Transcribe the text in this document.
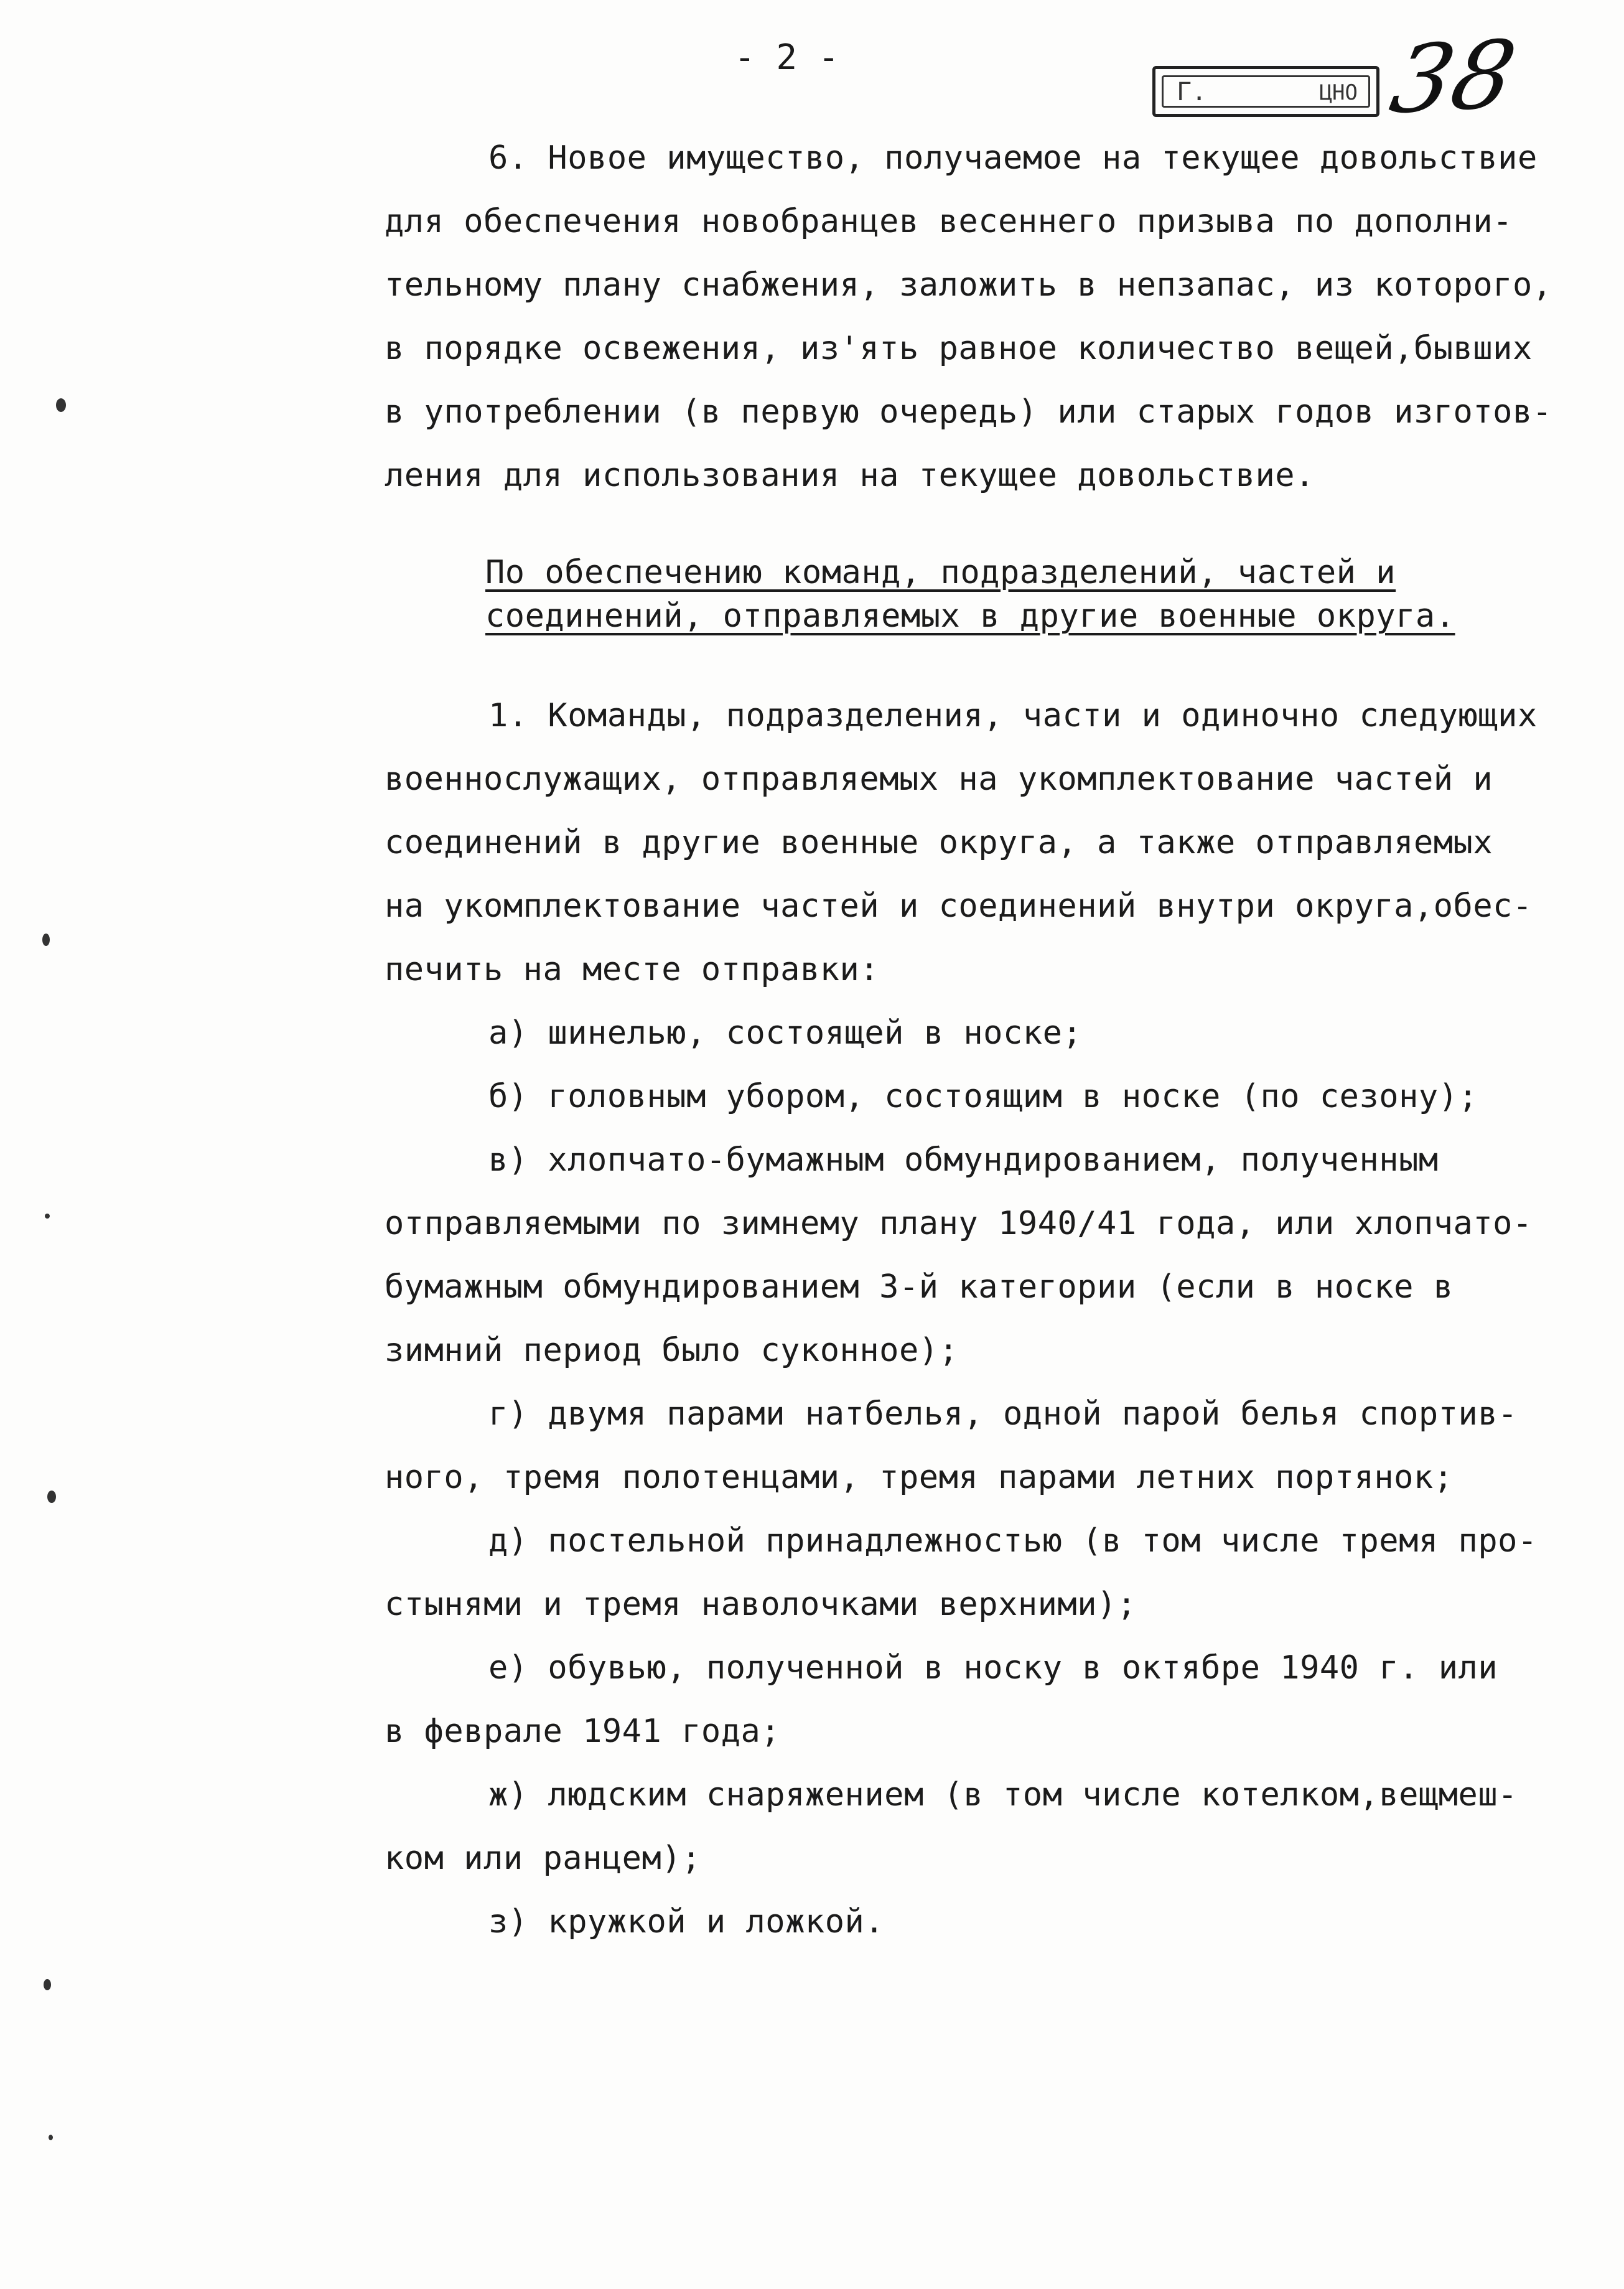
- 2 -
Г.	ЦНО 38
6. Новое имущество, получаемое на текущее довольствие
для обеспечения новобранцев весеннего призыва по дополни-
тельному плану снабжения, заложить в непзапас, из которого,
в порядке освежения, из'ять равное количество вещей,бывших
в употреблении (в первую очередь) или старых годов изготов-
ления для использования на текущее довольствие.
По обеспечению команд, подразделений, частей и
соединений, отправляемых в другие военные округа.
1. Команды, подразделения, части и одиночно следующих
военнослужащих, отправляемых на укомплектование частей и
соединений в другие военные округа, а также отправляемых
на укомплектование частей и соединений внутри округа,обес-
печить на месте отправки:
а) шинелью, состоящей в носке;
б) головным убором, состоящим в носке (по сезону);
в) хлопчато-бумажным обмундированием, полученным
отправляемыми по зимнему плану 1940/41 года, или хлопчато-
бумажным обмундированием 3-й категории (если в носке в
зимний период было суконное);
г) двумя парами натбелья, одной парой белья спортив-
ного, тремя полотенцами, тремя парами летних портянок;
д) постельной принадлежностью (в том числе тремя про-
стынями и тремя наволочками верхними);
е) обувью, полученной в носку в октябре 1940 г. или
в феврале 1941 года;
ж) людским снаряжением (в том числе котелком,вещмеш-
ком или ранцем);
з) кружкой и ложкой.
